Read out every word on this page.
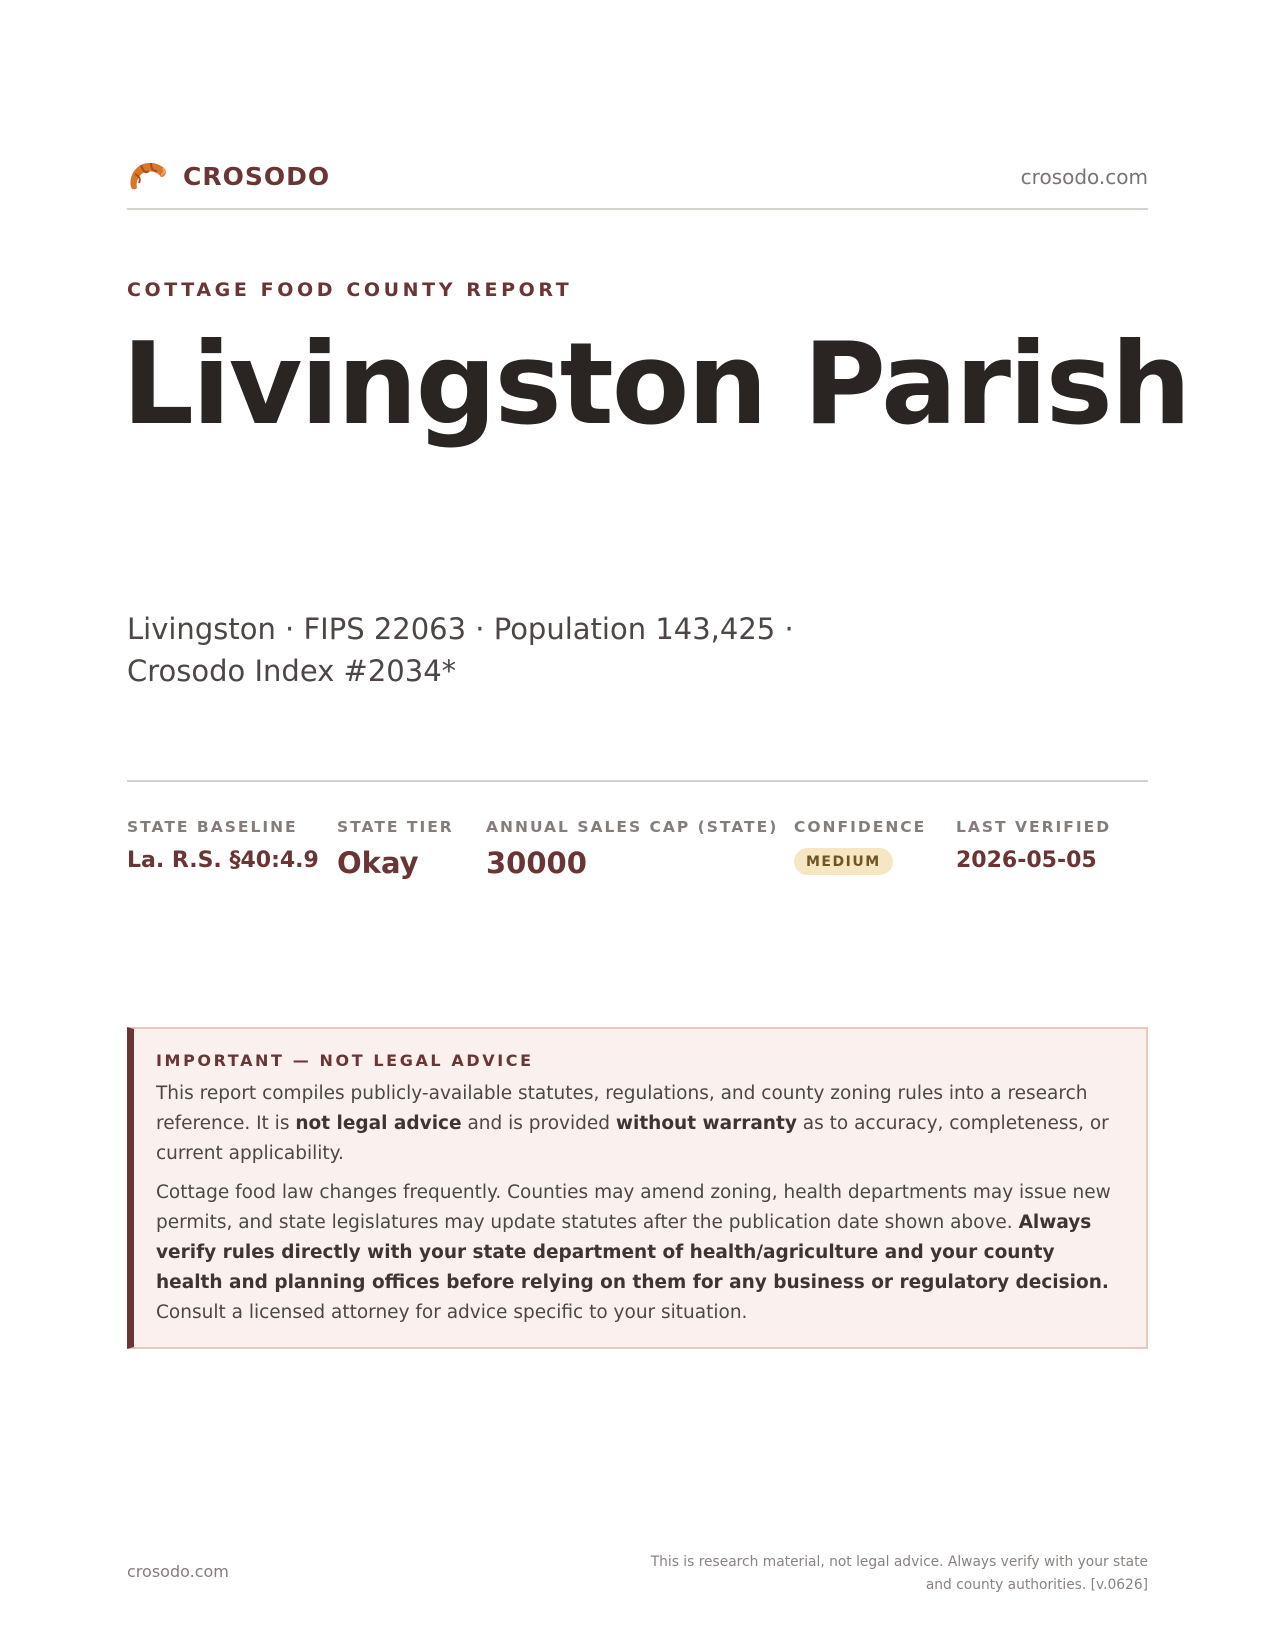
CROSODO	crosodo.com
COTTAGE FOOD COUNTY REPORT
Livingston Parish
Livingston · FIPS 22063 · Population 143,425 · Crosodo Index #2034*
STATE BASELINE
La. R.S. §40:4.9
STATE TIER
Okay
ANNUAL SALES CAP (STATE)
30000
CONFIDENCE
MEDIUM
LAST VERIFIED
2026-05-05
IMPORTANT — NOT LEGAL ADVICE

This report compiles publicly-available statutes, regulations, and county zoning rules into a research reference. It is not legal advice and is provided without warranty as to accuracy, completeness, or current applicability.

Cottage food law changes frequently. Counties may amend zoning, health departments may issue new permits, and state legislatures may update statutes after the publication date shown above. Always verify rules directly with your state department of health/agriculture and your county health and planning offices before relying on them for any business or regulatory decision. Consult a licensed attorney for advice specific to your situation.

crosodo.com	This is research material, not legal advice. Always verify with your state and county authorities. [v.0626]
